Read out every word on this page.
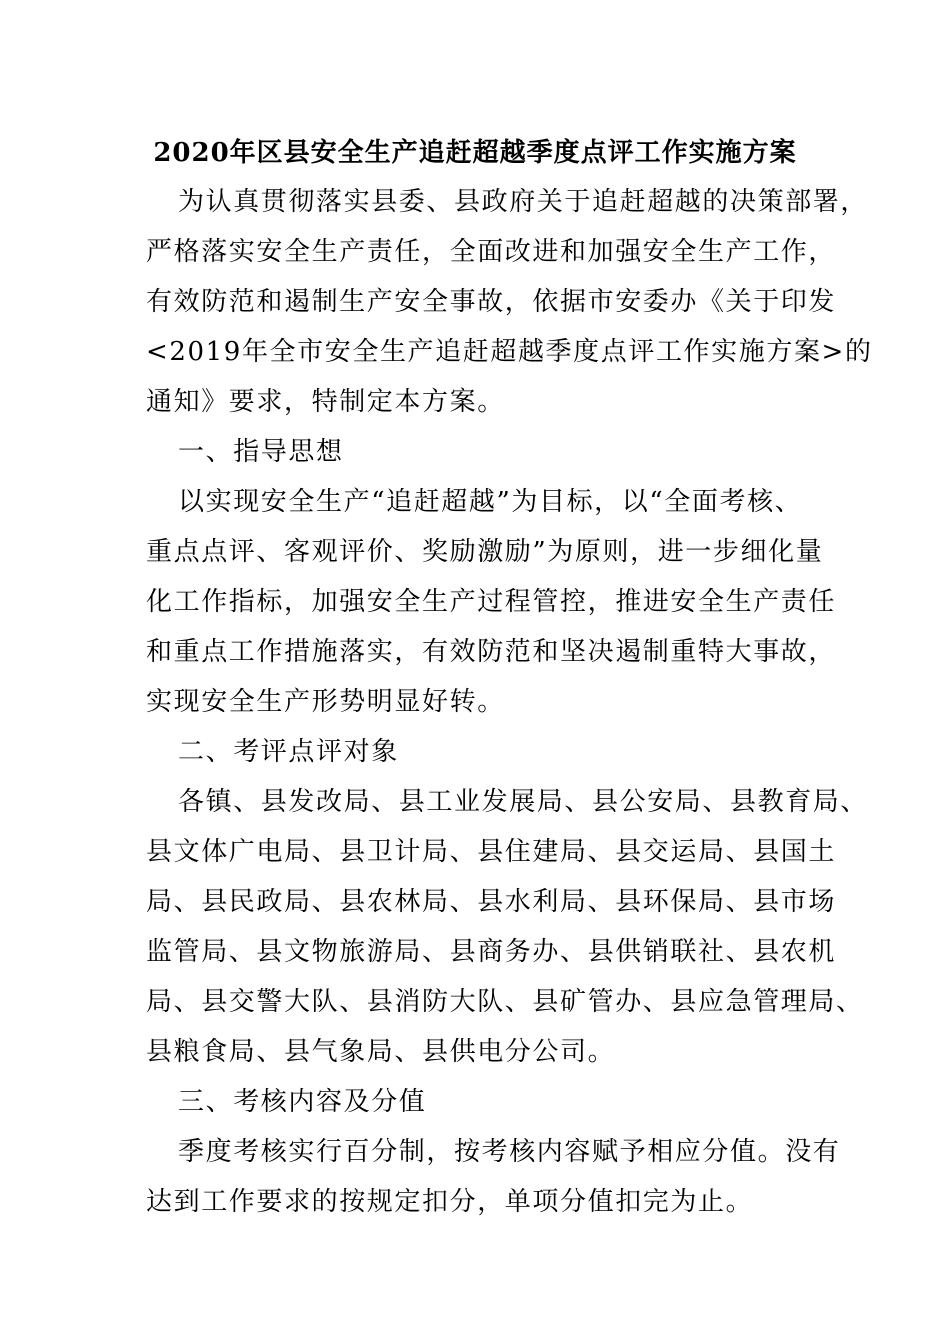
2020年区县安全生产追赶超越季度点评工作实施方案
为认真贯彻落实县委、县政府关于追赶超越的决策部署，
严格落实安全生产责任，全面改进和加强安全生产工作，
有效防范和遏制生产安全事故，依据市安委办《关于印发
<2019年全市安全生产追赶超越季度点评工作实施方案>的
通知》要求，特制定本方案。
一、指导思想
以实现安全生产“追赶超越”为目标，以“全面考核、
重点点评、客观评价、奖励激励”为原则，进一步细化量
化工作指标，加强安全生产过程管控，推进安全生产责任
和重点工作措施落实，有效防范和坚决遏制重特大事故，
实现安全生产形势明显好转。
二、考评点评对象
各镇、县发改局、县工业发展局、县公安局、县教育局、
县文体广电局、县卫计局、县住建局、县交运局、县国土
局、县民政局、县农林局、县水利局、县环保局、县市场
监管局、县文物旅游局、县商务办、县供销联社、县农机
局、县交警大队、县消防大队、县矿管办、县应急管理局、
县粮食局、县气象局、县供电分公司。
三、考核内容及分值
季度考核实行百分制，按考核内容赋予相应分值。没有
达到工作要求的按规定扣分，单项分值扣完为止。
